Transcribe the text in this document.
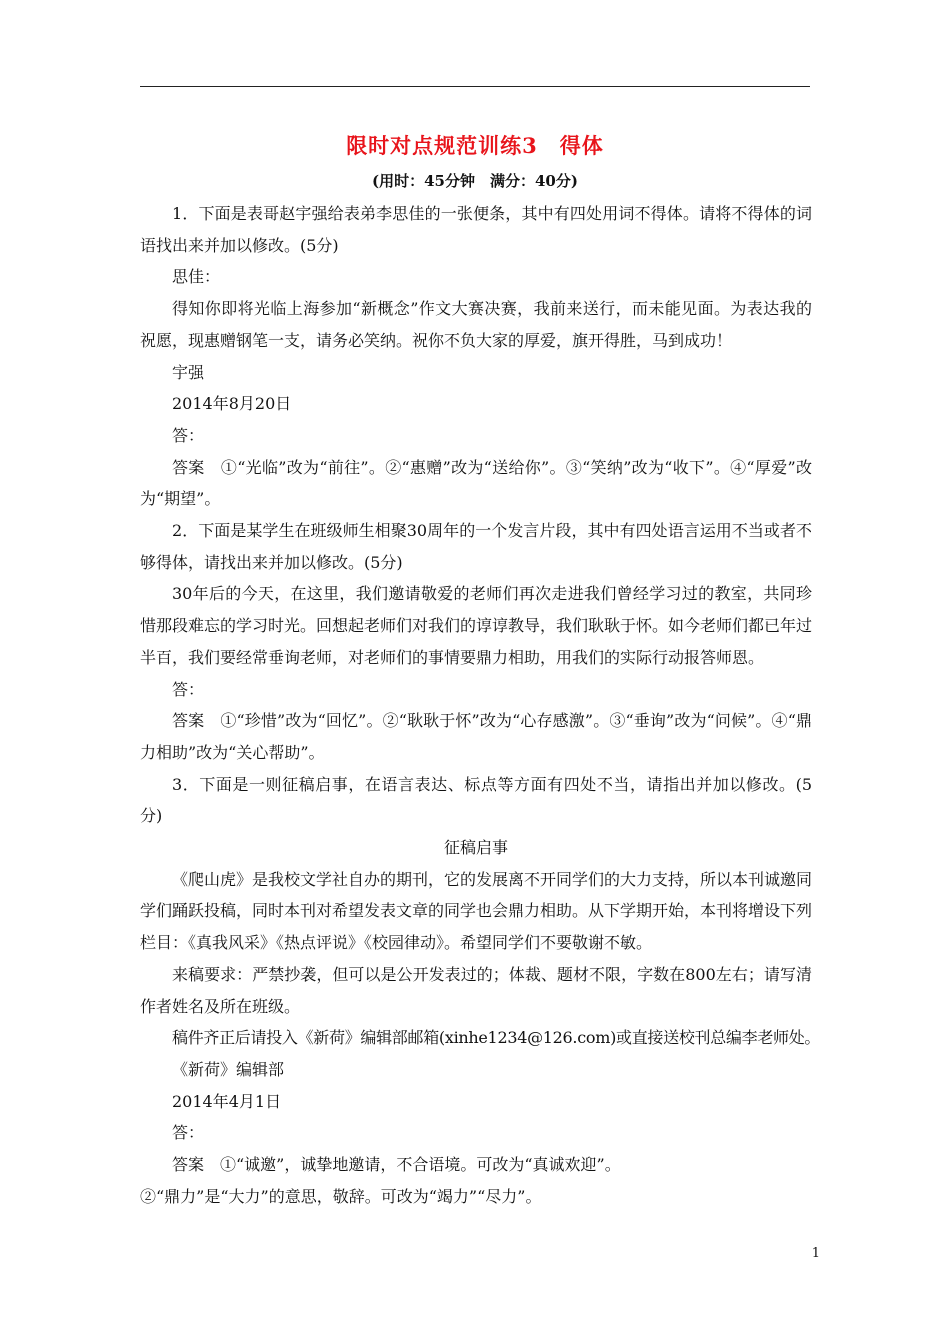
限时对点规范训练3　得体
(用时：45分钟　满分：40分)

1．下面是表哥赵宇强给表弟李思佳的一张便条，其中有四处用词不得体。请将不得体的词语找出来并加以修改。(5分)

思佳：

得知你即将光临上海参加“新概念”作文大赛决赛，我前来送行，而未能见面。为表达我的祝愿，现惠赠钢笔一支，请务必笑纳。祝你不负大家的厚爱，旗开得胜，马到成功！

宇强

2014年8月20日

答：

答案　①“光临”改为“前往”。②“惠赠”改为“送给你”。③“笑纳”改为“收下”。④“厚爱”改为“期望”。

2．下面是某学生在班级师生相聚30周年的一个发言片段，其中有四处语言运用不当或者不够得体，请找出来并加以修改。(5分)

30年后的今天，在这里，我们邀请敬爱的老师们再次走进我们曾经学习过的教室，共同珍惜那段难忘的学习时光。回想起老师们对我们的谆谆教导，我们耿耿于怀。如今老师们都已年过半百，我们要经常垂询老师，对老师们的事情要鼎力相助，用我们的实际行动报答师恩。

答：

答案　①“珍惜”改为“回忆”。②“耿耿于怀”改为“心存感激”。③“垂询”改为“问候”。④“鼎力相助”改为“关心帮助”。

3．下面是一则征稿启事，在语言表达、标点等方面有四处不当，请指出并加以修改。(5分)

征稿启事

《爬山虎》是我校文学社自办的期刊，它的发展离不开同学们的大力支持，所以本刊诚邀同学们踊跃投稿，同时本刊对希望发表文章的同学也会鼎力相助。从下学期开始，本刊将增设下列栏目：《真我风采》《热点评说》《校园律动》。希望同学们不要敬谢不敏。

来稿要求：严禁抄袭，但可以是公开发表过的；体裁、题材不限，字数在800左右；请写清作者姓名及所在班级。

稿件齐正后请投入《新荷》编辑部邮箱(xinhe1234@126.com)或直接送校刊总编李老师处。

《新荷》编辑部

2014年4月1日

答：

答案　①“诚邀”，诚挚地邀请，不合语境。可改为“真诚欢迎”。

②“鼎力”是“大力”的意思，敬辞。可改为“竭力”“尽力”。

1
